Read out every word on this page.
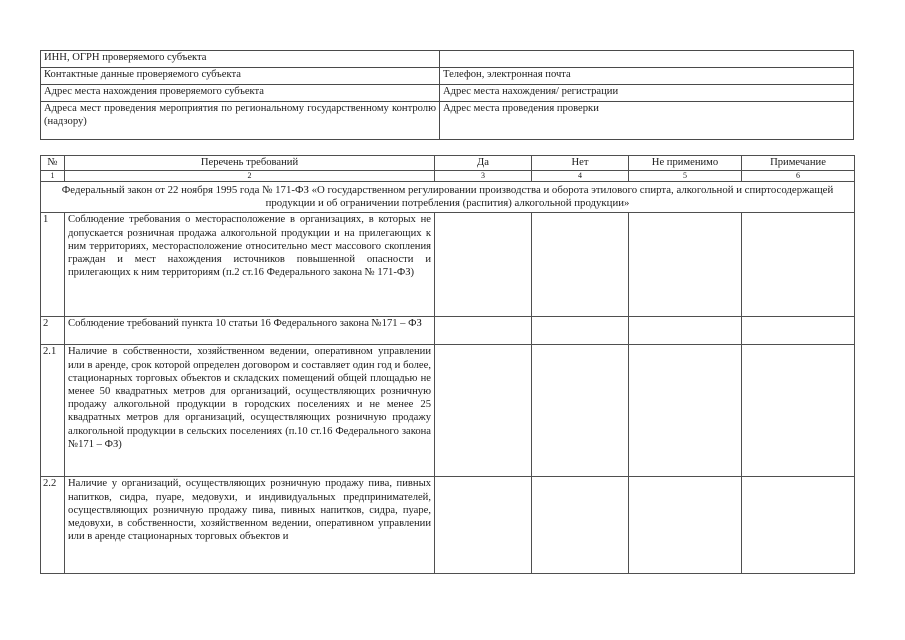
ИНН, ОГРН проверяемого субъекта	
Контактные данные проверяемого субъекта	Телефон, электронная почта
Адрес места нахождения проверяемого субъекта	Адрес места нахождения/ регистрации
Адреса мест проведения мероприятия по региональному государственному контролю (надзору)	Адрес места проведения проверки
№	Перечень требований	Да	Нет	Не применимо	Примечание
1	2	3	4	5	6
Федеральный закон от 22 ноября 1995 года № 171-ФЗ «О государственном регулировании производства и оборота этилового спирта, алкогольной и спиртосодержащей продукции и об ограничении потребления (распития) алкогольной продукции»					
1	Соблюдение требования о месторасположение в организациях, в которых не допускается розничная продажа алкогольной продукции и на прилегающих к ним территориях, месторасположение относительно мест массового скопления граждан и мест нахождения источников повышенной опасности и прилегающих к ним территориям (п.2 ст.16 Федерального закона № 171-ФЗ)				
2	Соблюдение требований пункта 10 статьи 16 Федерального закона №171 – ФЗ				
2.1	Наличие в собственности, хозяйственном ведении, оперативном управлении или в аренде, срок которой определен договором и составляет один год и более, стационарных торговых объектов и складских помещений общей площадью не менее 50 квадратных метров для организаций, осуществляющих розничную продажу алкогольной продукции в городских поселениях и не менее 25 квадратных метров для организаций, осуществляющих розничную продажу алкогольной продукции в сельских поселениях (п.10 ст.16 Федерального закона №171 – ФЗ)				
2.2	Наличие у организаций, осуществляющих розничную продажу пива, пивных напитков, сидра, пуаре, медовухи, и индивидуальных предпринимателей, осуществляющих розничную продажу пива, пивных напитков, сидра, пуаре, медовухи, в собственности, хозяйственном ведении, оперативном управлении или в аренде стационарных торговых объектов и				
